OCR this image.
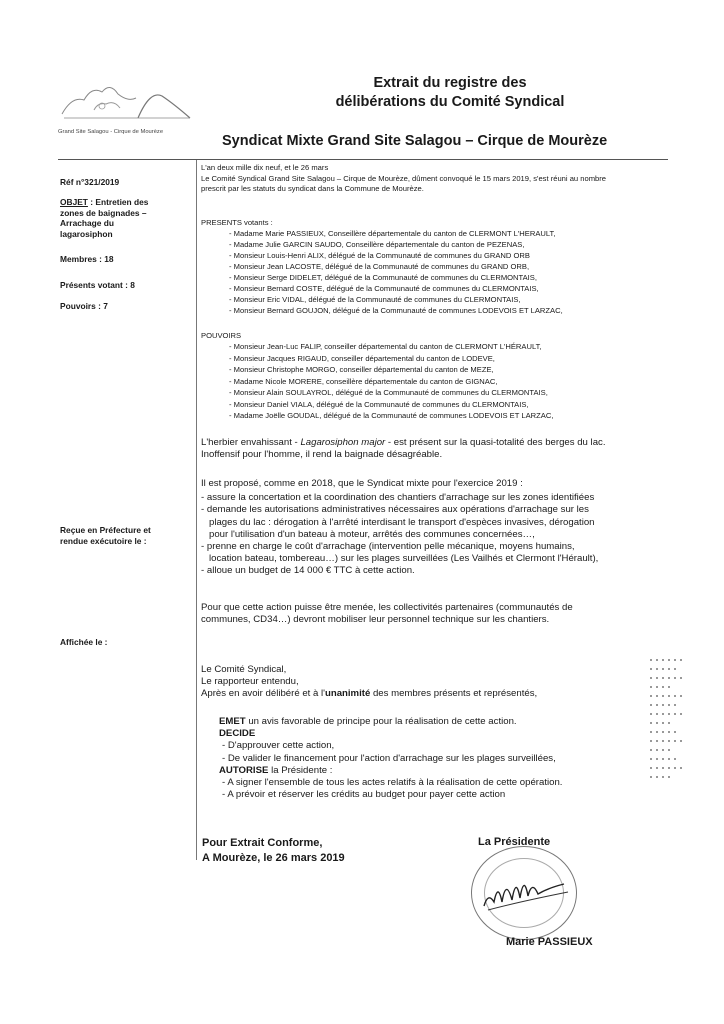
Grand Site Salagou - Cirque de Mourèze
Extrait du registre des
délibérations du Comité Syndical
Syndicat Mixte Grand Site Salagou – Cirque de Mourèze
Réf n°321/2019
OBJET : Entretien des
zones de baignades –
Arrachage du
lagarosiphon
Membres : 18
Présents votant : 8
Pouvoirs : 7
Reçue en Préfecture et
rendue exécutoire le :
Affichée le :
L'an deux mille dix neuf, et le 26 mars
Le Comité Syndical Grand Site Salagou – Cirque de Mourèze, dûment convoqué le 15 mars 2019, s'est réuni au nombre
prescrit par les statuts du syndicat dans la Commune de Mourèze.
PRESENTS votants :
- Madame Marie PASSIEUX, Conseillère départementale du canton de CLERMONT L'HERAULT,
- Madame Julie GARCIN SAUDO, Conseillère départementale du canton de PEZENAS,
- Monsieur Louis-Henri ALIX, délégué de la Communauté de communes du GRAND ORB
- Monsieur Jean LACOSTE, délégué de la Communauté de communes du GRAND ORB,
- Monsieur Serge DIDELET, délégué de la Communauté de communes du CLERMONTAIS,
- Monsieur Bernard COSTE, délégué de la Communauté de communes du CLERMONTAIS,
- Monsieur Eric VIDAL, délégué de la Communauté de communes du CLERMONTAIS,
- Monsieur Bernard GOUJON, délégué de la Communauté de communes LODEVOIS ET LARZAC,
POUVOIRS
- Monsieur Jean-Luc FALIP, conseiller départemental du canton de CLERMONT L'HÉRAULT,
- Monsieur Jacques RIGAUD, conseiller départemental du canton de LODEVE,
- Monsieur Christophe MORGO, conseiller départemental du canton de MEZE,
- Madame Nicole MORERE, conseillère départementale du canton de GIGNAC,
- Monsieur Alain SOULAYROL, délégué de la Communauté de communes du CLERMONTAIS,
- Monsieur Daniel VIALA, délégué de la Communauté de communes du CLERMONTAIS,
- Madame Joëlle GOUDAL, délégué de la Communauté de communes LODEVOIS ET LARZAC,
L'herbier envahissant - Lagarosiphon major - est présent sur la quasi-totalité des berges du lac.
Inoffensif pour l'homme, il rend la baignade désagréable.
Il est proposé, comme en 2018, que le Syndicat mixte pour l'exercice 2019 :
- assure la concertation et la coordination des chantiers d'arrachage sur les zones identifiées
- demande les autorisations administratives nécessaires aux opérations d'arrachage sur les
plages du lac : dérogation à l'arrêté interdisant le transport d'espèces invasives, dérogation
pour l'utilisation d'un bateau à moteur, arrêtés des communes concernées…,
- prenne en charge le coût d'arrachage (intervention pelle mécanique, moyens humains,
location bateau, tombereau…) sur les plages surveillées (Les Vailhés et Clermont l'Hérault),
- alloue un budget de 14 000 € TTC à cette action.
Pour que cette action puisse être menée, les collectivités partenaires (communautés de
communes, CD34…) devront mobiliser leur personnel technique sur les chantiers.
Le Comité Syndical,
Le rapporteur entendu,
Après en avoir délibéré et à l'unanimité des membres présents et représentés,
EMET un avis favorable de principe pour la réalisation de cette action.
DECIDE
- D'approuver cette action,
- De valider le financement pour l'action d'arrachage sur les plages surveillées,
AUTORISE la Présidente :
- A signer l'ensemble de tous les actes relatifs à la réalisation de cette opération.
- A prévoir et réserver les crédits au budget pour payer cette action
Pour Extrait Conforme,
A Mourèze, le 26 mars 2019
La Présidente
Marie PASSIEUX
